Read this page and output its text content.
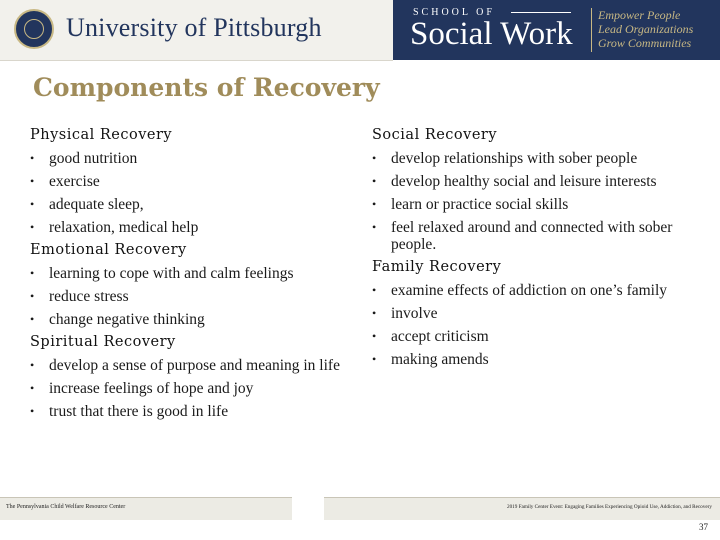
University of Pittsburgh
SCHOOL OF
Social Work
Empower People
Lead Organizations
Grow Communities
Components of Recovery
Physical Recovery
• good nutrition
• exercise
• adequate sleep,
• relaxation, medical help
Emotional Recovery
• learning to cope with and calm feelings
• reduce stress
• change negative thinking
Spiritual Recovery
• develop a sense of purpose and meaning in life
• increase feelings of hope and joy
• trust that there is good in life
Social Recovery
• develop relationships with sober people
• develop healthy social and leisure interests
• learn or practice social skills
• feel relaxed around and connected with sober people.
Family Recovery
• examine effects of addiction on one’s family
• involve
• accept criticism
• making amends
The Pennsylvania Child Welfare Resource Center	2019 Family Center Event: Engaging Families Experiencing Opioid Use, Addiction, and Recovery
37
